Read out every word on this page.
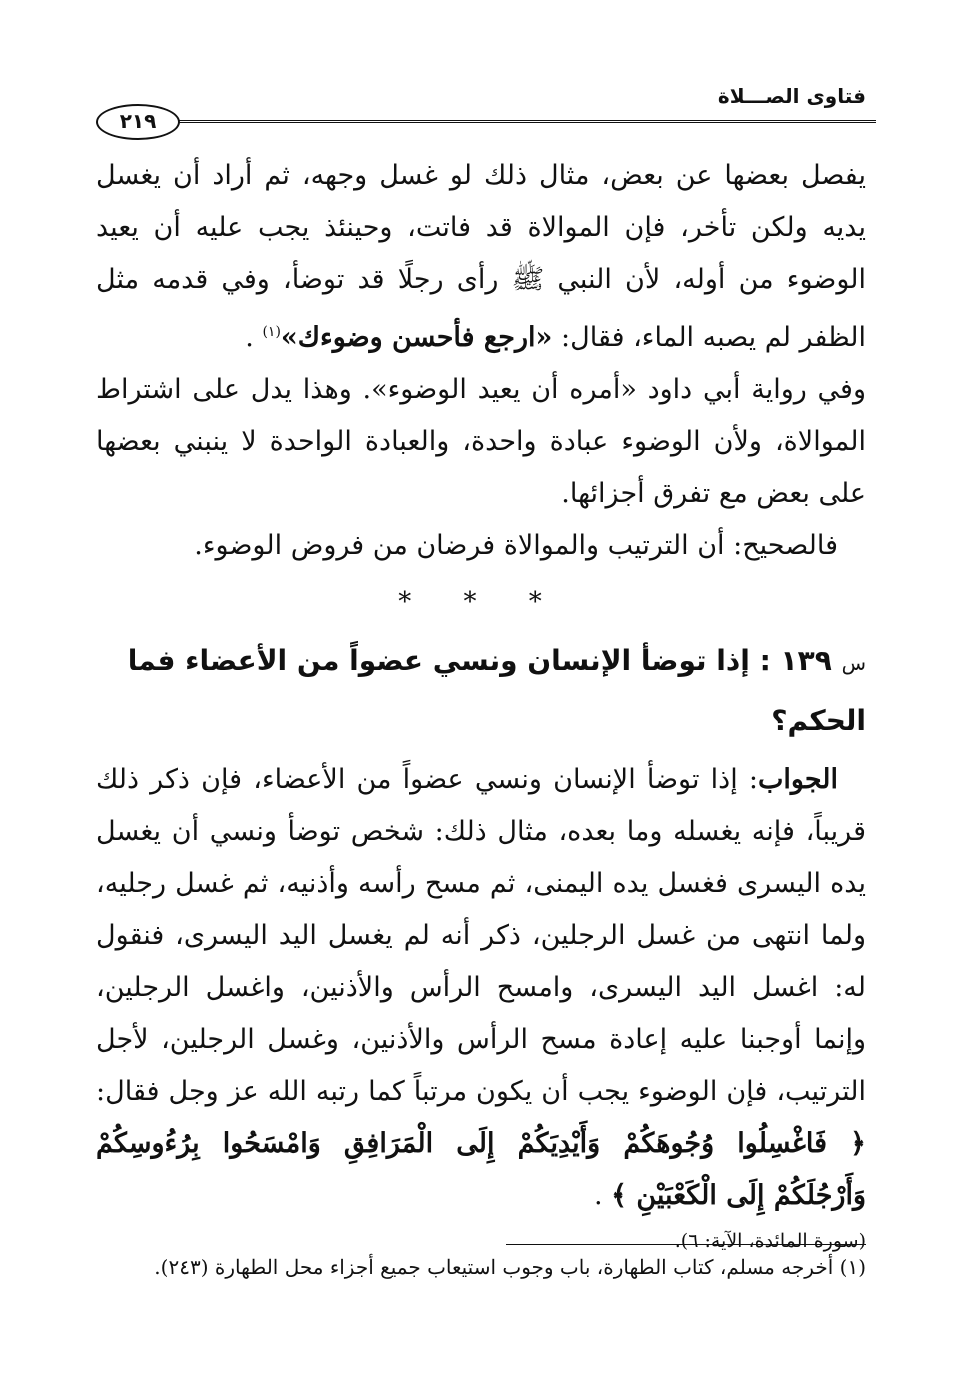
فتاوى الصـــلاة
٢١٩

يفصل بعضها عن بعض، مثال ذلك لو غسل وجهه، ثم أراد أن يغسل يديه ولكن تأخر، فإن الموالاة قد فاتت، وحينئذ يجب عليه أن يعيد الوضوء من أوله، لأن النبي ﷺ رأى رجلًا قد توضأ، وفي قدمه مثل الظفر لم يصبه الماء، فقال: «ارجع فأحسن وضوءك»$^{(١)}$ .

وفي رواية أبي داود «أمره أن يعيد الوضوء». وهذا يدل على اشتراط الموالاة، ولأن الوضوء عبادة واحدة، والعبادة الواحدة لا ينبني بعضها على بعض مع تفرق أجزائها.

فالصحيح: أن الترتيب والموالاة فرضان من فروض الوضوء.

* * *
س ١٣٩ : إذا توضأ الإنسان ونسي عضواً من الأعضاء فما الحكم؟

الجواب: إذا توضأ الإنسان ونسي عضواً من الأعضاء، فإن ذكر ذلك قريباً، فإنه يغسله وما بعده، مثال ذلك: شخص توضأ ونسي أن يغسل يده اليسرى فغسل يده اليمنى، ثم مسح رأسه وأذنيه، ثم غسل رجليه، ولما انتهى من غسل الرجلين، ذكر أنه لم يغسل اليد اليسرى، فنقول له: اغسل اليد اليسرى، وامسح الرأس والأذنين، واغسل الرجلين، وإنما أوجبنا عليه إعادة مسح الرأس والأذنين، وغسل الرجلين، لأجل الترتيب، فإن الوضوء يجب أن يكون مرتباً كما رتبه الله عز وجل فقال: ﴿ فَاغْسِلُوا وُجُوهَكُمْ وَأَيْدِيَكُمْ إِلَى الْمَرَافِقِ وَامْسَحُوا بِرُءُوسِكُمْ وَأَرْجُلَكُمْ إِلَى الْكَعْبَيْنِ ﴾ .

(سورة المائدة، الآية: ٦).
(١) أخرجه مسلم، كتاب الطهارة، باب وجوب استيعاب جميع أجزاء محل الطهارة (٢٤٣).
